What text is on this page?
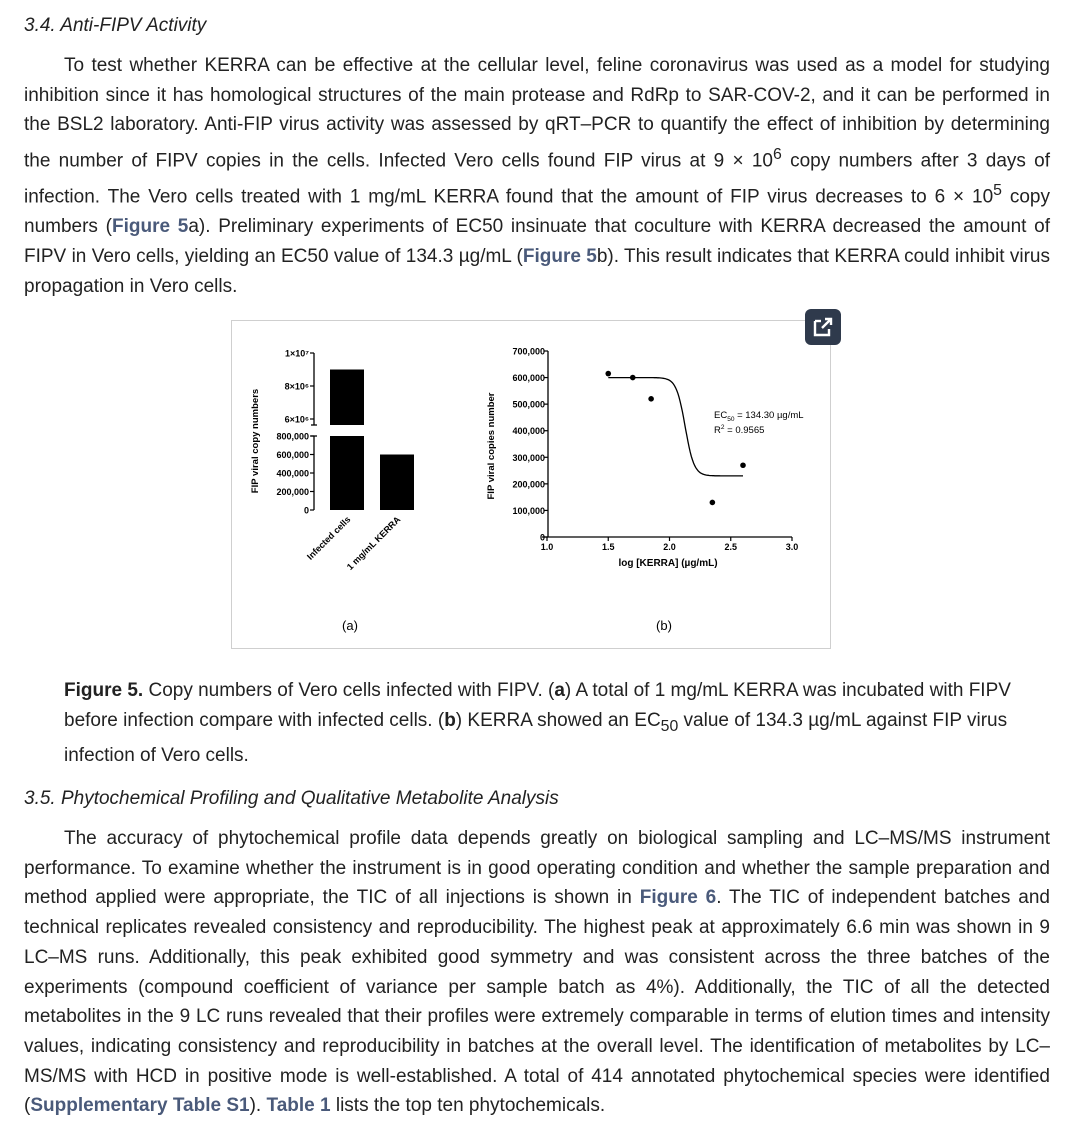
3.4. Anti-FIPV Activity

To test whether KERRA can be effective at the cellular level, feline coronavirus was used as a model for studying inhibition since it has homological structures of the main protease and RdRp to SAR-COV-2, and it can be performed in the BSL2 laboratory. Anti-FIP virus activity was assessed by qRT–PCR to quantify the effect of inhibition by determining the number of FIPV copies in the cells. Infected Vero cells found FIP virus at $9 \times 10^6$ copy numbers after 3 days of infection. The Vero cells treated with 1 mg/mL KERRA found that the amount of FIP virus decreases to $6 \times 10^5$ copy numbers (Figure 5a). Preliminary experiments of EC50 insinuate that coculture with KERRA decreased the amount of FIPV in Vero cells, yielding an EC50 value of 134.3 µg/mL (Figure 5b). This result indicates that KERRA could inhibit virus propagation in Vero cells.

1×10⁷
8×10⁶
6×10⁶
800,000
600,000
400,000
200,000
0
FIP viral copy numbers
Infected cells
1 mg/mL KERRA
(a)
700,000
600,000
500,000
400,000
300,000
200,000
100,000
0
1.0	1.5	2.0	2.5	3.0
log [KERRA] (µg/mL)
FIP viral copies number	$EC_{50} = 134.30$ µg/mL
$R^2 = 0.9565$
(b)

Figure 5. Copy numbers of Vero cells infected with FIPV. (a) A total of 1 mg/mL KERRA was incubated with FIPV before infection compare with infected cells. (b) KERRA showed an $EC_{50}$ value of 134.3 µg/mL against FIP virus infection of Vero cells.

3.5. Phytochemical Profiling and Qualitative Metabolite Analysis

The accuracy of phytochemical profile data depends greatly on biological sampling and LC–MS/MS instrument performance. To examine whether the instrument is in good operating condition and whether the sample preparation and method applied were appropriate, the TIC of all injections is shown in Figure 6. The TIC of independent batches and technical replicates revealed consistency and reproducibility. The highest peak at approximately 6.6 min was shown in 9 LC–MS runs. Additionally, this peak exhibited good symmetry and was consistent across the three batches of the experiments (compound coefficient of variance per sample batch as 4%). Additionally, the TIC of all the detected metabolites in the 9 LC runs revealed that their profiles were extremely comparable in terms of elution times and intensity values, indicating consistency and reproducibility in batches at the overall level. The identification of metabolites by LC–MS/MS with HCD in positive mode is well-established. A total of 414 annotated phytochemical species were identified (Supplementary Table S1). Table 1 lists the top ten phytochemicals.
